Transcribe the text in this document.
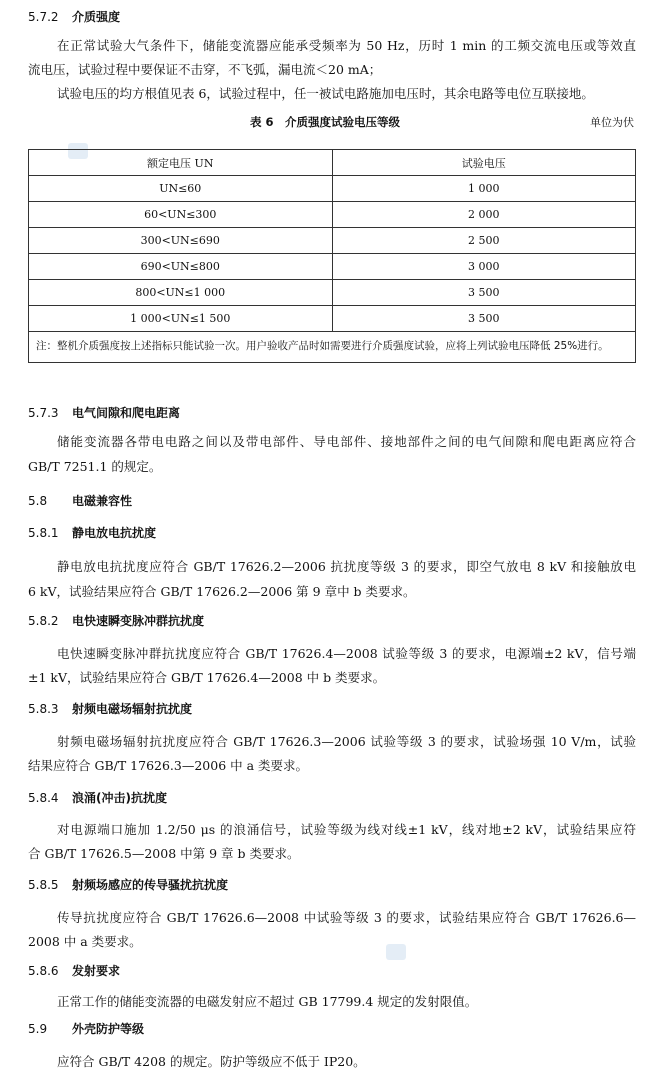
表 6　介质强度试验电压等级	单位为伏
额定电压 UN	试验电压
UN≤60	1 000
60<UN≤300	2 000
300<UN≤690	2 500
690<UN≤800	3 000
800<UN≤1 000	3 500
1 000<UN≤1 500	3 500
注：整机介质强度按上述指标只能试验一次。用户验收产品时如需要进行介质强度试验，应将上列试验电压降低 25%进行。	
5.7.2 介质强度
在正常试验大气条件下，储能变流器应能承受频率为 50 Hz，历时 1 min 的工频交流电压或等效直
流电压，试验过程中要保证不击穿，不飞弧，漏电流＜20 mA；
试验电压的均方根值见表 6，试验过程中，任一被试电路施加电压时，其余电路等电位互联接地。
5.7.3 电气间隙和爬电距离
储能变流器各带电电路之间以及带电部件、导电部件、接地部件之间的电气间隙和爬电距离应符合
GB/T 7251.1 的规定。
5.8 电磁兼容性
5.8.1 静电放电抗扰度
静电放电抗扰度应符合 GB/T 17626.2—2006 抗扰度等级 3 的要求，即空气放电 8 kV 和接触放电
6 kV，试验结果应符合 GB/T 17626.2—2006 第 9 章中 b 类要求。
5.8.2 电快速瞬变脉冲群抗扰度
电快速瞬变脉冲群抗扰度应符合 GB/T 17626.4—2008 试验等级 3 的要求，电源端±2 kV，信号端
±1 kV，试验结果应符合 GB/T 17626.4—2008 中 b 类要求。
5.8.3 射频电磁场辐射抗扰度
射频电磁场辐射抗扰度应符合 GB/T 17626.3—2006 试验等级 3 的要求，试验场强 10 V/m，试验
结果应符合 GB/T 17626.3—2006 中 a 类要求。
5.8.4 浪涌(冲击)抗扰度
对电源端口施加 1.2/50 μs 的浪涌信号，试验等级为线对线±1 kV，线对地±2 kV，试验结果应符
合 GB/T 17626.5—2008 中第 9 章 b 类要求。
5.8.5 射频场感应的传导骚扰抗扰度
传导抗扰度应符合 GB/T 17626.6—2008 中试验等级 3 的要求，试验结果应符合 GB/T 17626.6—
2008 中 a 类要求。
5.8.6 发射要求
正常工作的储能变流器的电磁发射应不超过 GB 17799.4 规定的发射限值。
5.9 外壳防护等级
应符合 GB/T 4208 的规定。防护等级应不低于 IP20。
